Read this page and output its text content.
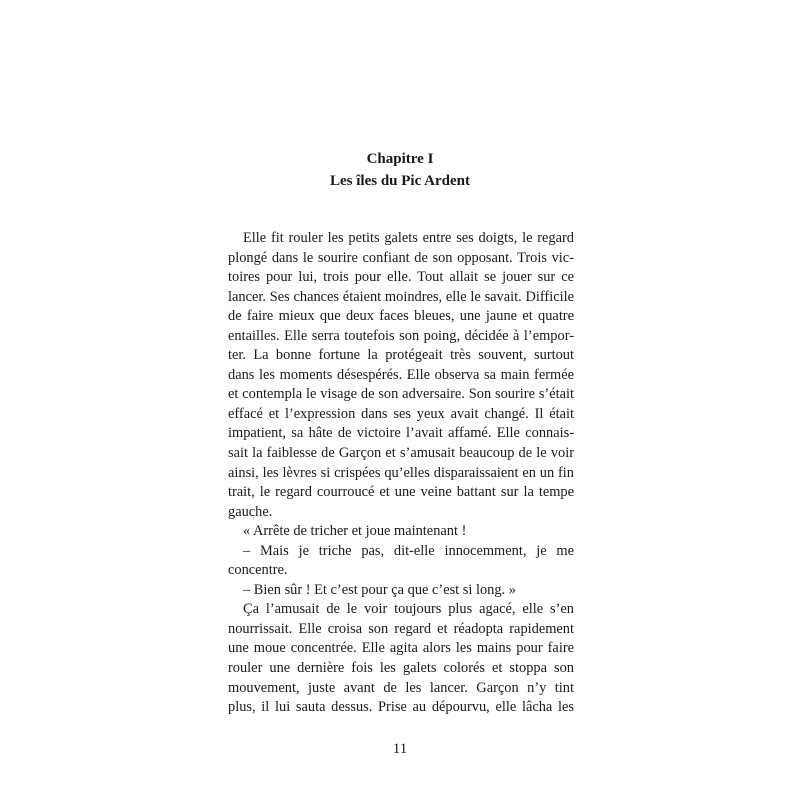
Chapitre I
Les îles du Pic Ardent
Elle fit rouler les petits galets entre ses doigts, le regard
plongé dans le sourire confiant de son opposant. Trois vic-
toires pour lui, trois pour elle. Tout allait se jouer sur ce
lancer. Ses chances étaient moindres, elle le savait. Difficile
de faire mieux que deux faces bleues, une jaune et quatre
entailles. Elle serra toutefois son poing, décidée à l’empor-
ter. La bonne fortune la protégeait très souvent, surtout
dans les moments désespérés. Elle observa sa main fermée
et contempla le visage de son adversaire. Son sourire s’était
effacé et l’expression dans ses yeux avait changé. Il était
impatient, sa hâte de victoire l’avait affamé. Elle connais-
sait la faiblesse de Garçon et s’amusait beaucoup de le voir
ainsi, les lèvres si crispées qu’elles disparaissaient en un fin
trait, le regard courroucé et une veine battant sur la tempe
gauche.
« Arrête de tricher et joue maintenant !
– Mais je triche pas, dit-elle innocemment, je me
concentre.
– Bien sûr ! Et c’est pour ça que c’est si long. »
Ça l’amusait de le voir toujours plus agacé, elle s’en
nourrissait. Elle croisa son regard et réadopta rapidement
une moue concentrée. Elle agita alors les mains pour faire
rouler une dernière fois les galets colorés et stoppa son
mouvement, juste avant de les lancer. Garçon n’y tint
plus, il lui sauta dessus. Prise au dépourvu, elle lâcha les
11
